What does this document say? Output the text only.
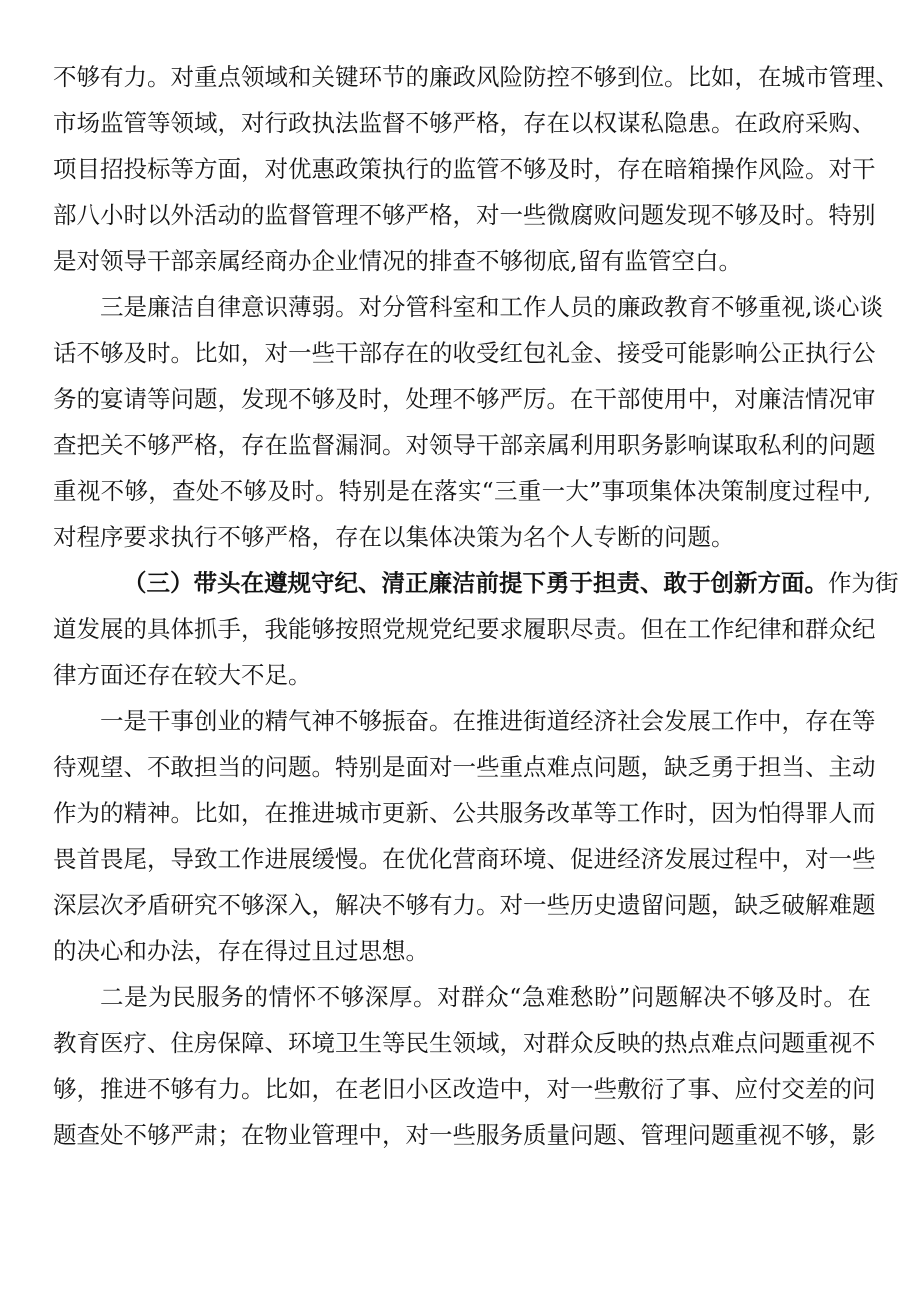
不够有力。对重点领域和关键环节的廉政风险防控不够到位。比如，在城市管理、
市场监管等领域，对行政执法监督不够严格，存在以权谋私隐患。在政府采购、
项目招投标等方面，对优惠政策执行的监管不够及时，存在暗箱操作风险。对干
部八小时以外活动的监督管理不够严格，对一些微腐败问题发现不够及时。特别
是对领导干部亲属经商办企业情况的排查不够彻底,留有监管空白。
三是廉洁自律意识薄弱。对分管科室和工作人员的廉政教育不够重视,谈心谈
话不够及时。比如，对一些干部存在的收受红包礼金、接受可能影响公正执行公
务的宴请等问题，发现不够及时，处理不够严厉。在干部使用中，对廉洁情况审
查把关不够严格，存在监督漏洞。对领导干部亲属利用职务影响谋取私利的问题
重视不够，查处不够及时。特别是在落实“三重一大”事项集体决策制度过程中,
对程序要求执行不够严格，存在以集体决策为名个人专断的问题。
（三）带头在遵规守纪、清正廉洁前提下勇于担责、敢于创新方面。作为街
道发展的具体抓手，我能够按照党规党纪要求履职尽责。但在工作纪律和群众纪
律方面还存在较大不足。
一是干事创业的精气神不够振奋。在推进街道经济社会发展工作中，存在等
待观望、不敢担当的问题。特别是面对一些重点难点问题，缺乏勇于担当、主动
作为的精神。比如，在推进城市更新、公共服务改革等工作时，因为怕得罪人而
畏首畏尾，导致工作进展缓慢。在优化营商环境、促进经济发展过程中，对一些
深层次矛盾研究不够深入，解决不够有力。对一些历史遗留问题，缺乏破解难题
的决心和办法，存在得过且过思想。
二是为民服务的情怀不够深厚。对群众“急难愁盼”问题解决不够及时。在
教育医疗、住房保障、环境卫生等民生领域，对群众反映的热点难点问题重视不
够，推进不够有力。比如，在老旧小区改造中，对一些敷衍了事、应付交差的问
题查处不够严肃；在物业管理中，对一些服务质量问题、管理问题重视不够，影
